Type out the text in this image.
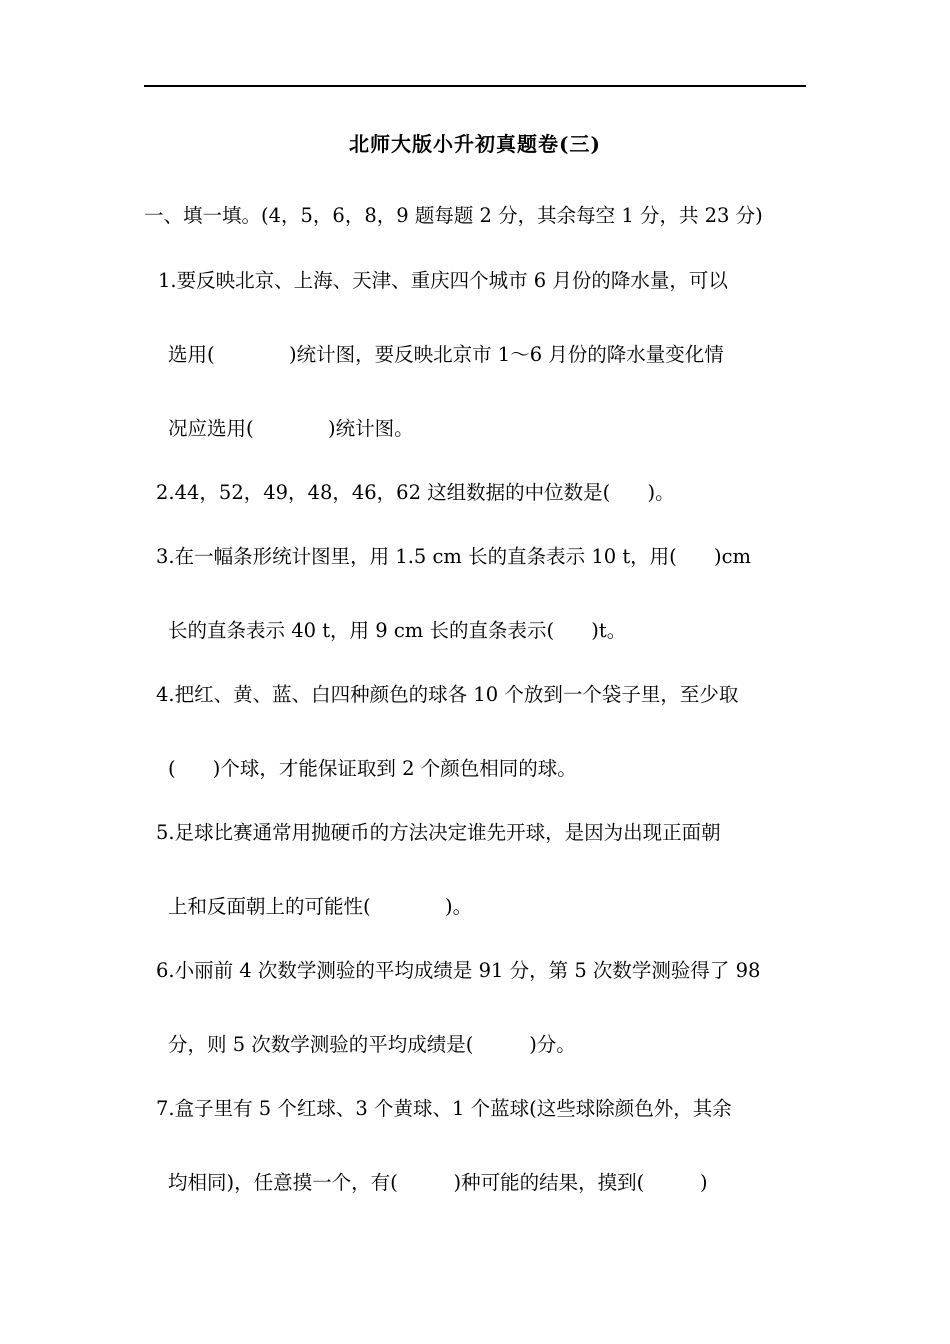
北师大版小升初真题卷(三)
一、填一填。(4，5，6，8，9 题每题 2 分，其余每空 1 分，共 23 分)
1.要反映北京、上海、天津、重庆四个城市 6 月份的降水量，可以
选用(            )统计图，要反映北京市 1～6 月份的降水量变化情
况应选用(            )统计图。
2.44，52，49，48，46，62 这组数据的中位数是(      )。
3.在一幅条形统计图里，用 1.5 cm 长的直条表示 10 t，用(      )cm
长的直条表示 40 t，用 9 cm 长的直条表示(      )t。
4.把红、黄、蓝、白四种颜色的球各 10 个放到一个袋子里，至少取
(      )个球，才能保证取到 2 个颜色相同的球。
5.足球比赛通常用抛硬币的方法决定谁先开球，是因为出现正面朝
上和反面朝上的可能性(            )。
6.小丽前 4 次数学测验的平均成绩是 91 分，第 5 次数学测验得了 98
分，则 5 次数学测验的平均成绩是(         )分。
7.盒子里有 5 个红球、3 个黄球、1 个蓝球(这些球除颜色外，其余
均相同)，任意摸一个，有(         )种可能的结果，摸到(         )
